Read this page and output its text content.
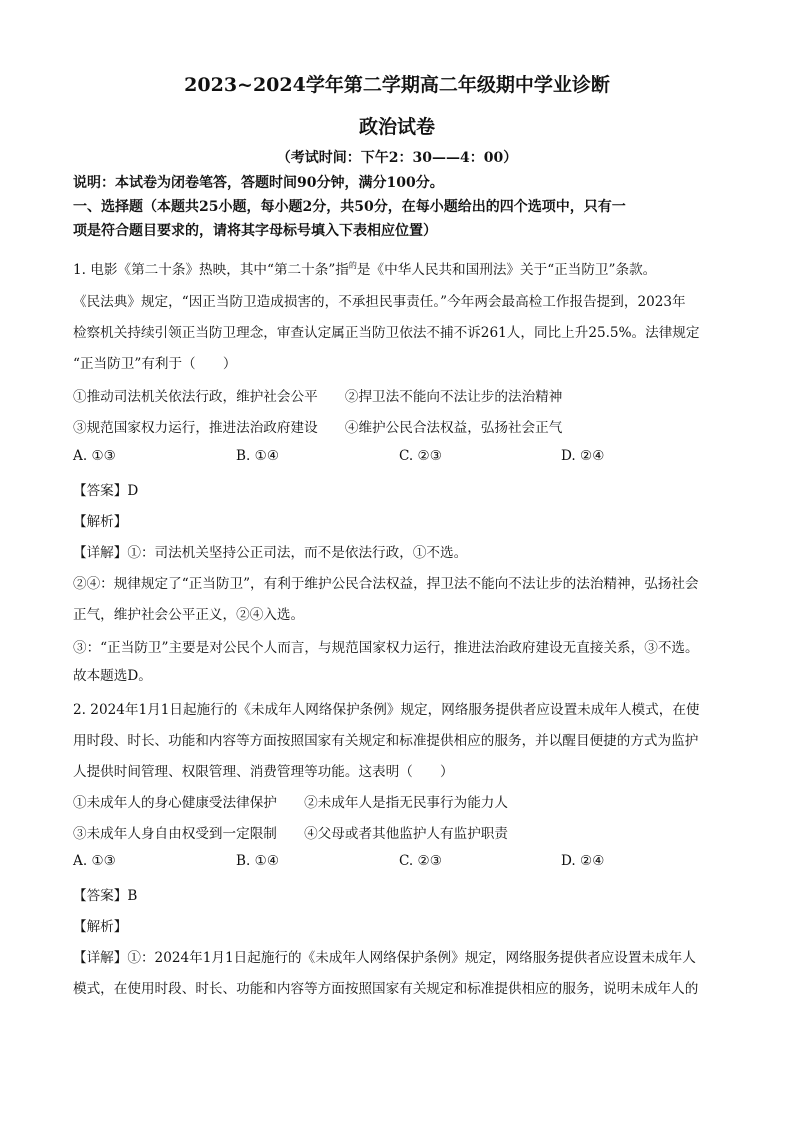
2023~2024学年第二学期高二年级期中学业诊断
政治试卷
（考试时间：下午2：30——4：00）
说明：本试卷为闭卷笔答，答题时间90分钟，满分100分。
一、选择题（本题共25小题，每小题2分，共50分，在每小题给出的四个选项中，只有一
项是符合题目要求的，请将其字母标号填入下表相应位置）
1. 电影《第二十条》热映，其中“第二十条”指$^的$是《中华人民共和国刑法》关于“正当防卫”条款。
《民法典》规定，“因正当防卫造成损害的，不承担民事责任。”今年两会最高检工作报告提到，2023年
检察机关持续引领正当防卫理念，审查认定属正当防卫依法不捕不诉261人，同比上升25.5%。法律规定
“正当防卫”有利于（　　）
①推动司法机关依法行政，维护社会公平　　②捍卫法不能向不法让步的法治精神
③规范国家权力运行，推进法治政府建设　　④维护公民合法权益，弘扬社会正气
A. ①③	B. ①④	C. ②③	D. ②④
【答案】D
【解析】
【详解】①：司法机关坚持公正司法，而不是依法行政，①不选。
②④：规律规定了“正当防卫”，有利于维护公民合法权益，捍卫法不能向不法让步的法治精神，弘扬社会
正气，维护社会公平正义，②④入选。
③：“正当防卫”主要是对公民个人而言，与规范国家权力运行，推进法治政府建设无直接关系，③不选。
故本题选D。
2. 2024年1月1日起施行的《未成年人网络保护条例》规定，网络服务提供者应设置未成年人模式，在使
用时段、时长、功能和内容等方面按照国家有关规定和标准提供相应的服务，并以醒目便捷的方式为监护
人提供时间管理、权限管理、消费管理等功能。这表明（　　）
①未成年人的身心健康受法律保护　　②未成年人是指无民事行为能力人
③未成年人身自由权受到一定限制　　④父母或者其他监护人有监护职责
A. ①③	B. ①④	C. ②③	D. ②④
【答案】B
【解析】
【详解】①：2024年1月1日起施行的《未成年人网络保护条例》规定，网络服务提供者应设置未成年人
模式，在使用时段、时长、功能和内容等方面按照国家有关规定和标准提供相应的服务，说明未成年人的
